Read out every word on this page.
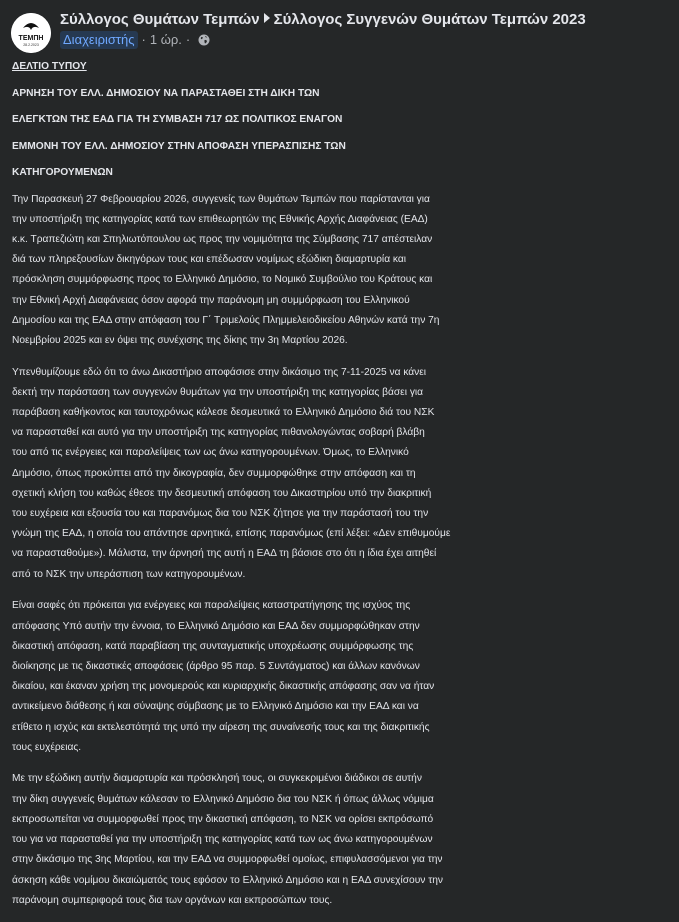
ΤΕΜΠΗ
28.2.2023
Σύλλογος Θυμάτων Τεμπών Σύλλογος Συγγενών Θυμάτων Τεμπών 2023
Διαχειριστής · 1 ώρ. ·

ΔΕΛΤΙΟ ΤΥΠΟΥ

ΑΡΝΗΣΗ ΤΟΥ ΕΛΛ. ΔΗΜΟΣΙΟΥ ΝΑ ΠΑΡΑΣΤΑΘΕΙ ΣΤΗ ΔΙΚΗ ΤΩΝ

ΕΛΕΓΚΤΩΝ ΤΗΣ ΕΑΔ ΓΙΑ ΤΗ ΣΥΜΒΑΣΗ 717 ΩΣ ΠΟΛΙΤΙΚΟΣ ΕΝΑΓΟΝ

ΕΜΜΟΝΗ ΤΟΥ ΕΛΛ. ΔΗΜΟΣΙΟΥ ΣΤΗΝ ΑΠΟΦΑΣΗ ΥΠΕΡΑΣΠΙΣΗΣ ΤΩΝ

ΚΑΤΗΓΟΡΟΥΜΕΝΩΝ

Την Παρασκευή 27 Φεβρουαρίου 2026, συγγενείς των θυμάτων Τεμπών που παρίστανται για
την υποστήριξη της κατηγορίας κατά των επιθεωρητών της Εθνικής Αρχής Διαφάνειας (ΕΑΔ)
κ.κ. Τραπεζιώτη και Σπηλιωτόπουλου ως προς την νομιμότητα της Σύμβασης 717 απέστειλαν
διά των πληρεξουσίων δικηγόρων τους και επέδωσαν νομίμως εξώδικη διαμαρτυρία και
πρόσκληση συμμόρφωσης προς το Ελληνικό Δημόσιο, το Νομικό Συμβούλιο του Κράτους και
την Εθνική Αρχή Διαφάνειας όσον αφορά την παράνομη μη συμμόρφωση του Ελληνικού
Δημοσίου και της ΕΑΔ στην απόφαση του Γ΄ Τριμελούς Πλημμελειοδικείου Αθηνών κατά την 7η
Νοεμβρίου 2025 και εν όψει της συνέχισης της δίκης την 3η Μαρτίου 2026.
Υπενθυμίζουμε εδώ ότι το άνω Δικαστήριο αποφάσισε στην δικάσιμο της 7-11-2025 να κάνει
δεκτή την παράσταση των συγγενών θυμάτων για την υποστήριξη της κατηγορίας βάσει για
παράβαση καθήκοντος και ταυτοχρόνως κάλεσε δεσμευτικά το Ελληνικό Δημόσιο διά του ΝΣΚ
να παρασταθεί και αυτό για την υποστήριξη της κατηγορίας πιθανολογώντας σοβαρή βλάβη
του από τις ενέργειες και παραλείψεις των ως άνω κατηγορουμένων. Όμως, το Ελληνικό
Δημόσιο, όπως προκύπτει από την δικογραφία, δεν συμμορφώθηκε στην απόφαση και τη
σχετική κλήση του καθώς έθεσε την δεσμευτική απόφαση του Δικαστηρίου υπό την διακριτική
του ευχέρεια και εξουσία του και παρανόμως δια του ΝΣΚ ζήτησε για την παράστασή του την
γνώμη της ΕΑΔ, η οποία του απάντησε αρνητικά, επίσης παρανόμως (επί λέξει: «Δεν επιθυμούμε
να παρασταθούμε»). Μάλιστα, την άρνησή της αυτή η ΕΑΔ τη βάσισε στο ότι η ίδια έχει αιτηθεί
από το ΝΣΚ την υπεράσπιση των κατηγορουμένων.
Είναι σαφές ότι πρόκειται για ενέργειες και παραλείψεις καταστρατήγησης της ισχύος της
απόφασης Υπό αυτήν την έννοια, το Ελληνικό Δημόσιο και ΕΑΔ δεν συμμορφώθηκαν στην
δικαστική απόφαση, κατά παραβίαση της συνταγματικής υποχρέωσης συμμόρφωσης της
διοίκησης με τις δικαστικές αποφάσεις (άρθρο 95 παρ. 5 Συντάγματος) και άλλων κανόνων
δικαίου, και έκαναν χρήση της μονομερούς και κυριαρχικής δικαστικής απόφασης σαν να ήταν
αντικείμενο διάθεσης ή και σύναψης σύμβασης με το Ελληνικό Δημόσιο και την ΕΑΔ και να
ετίθετο η ισχύς και εκτελεστότητά της υπό την αίρεση της συναίνεσής τους και της διακριτικής
τους ευχέρειας.
Με την εξώδικη αυτήν διαμαρτυρία και πρόσκλησή τους, οι συγκεκριμένοι διάδικοι σε αυτήν
την δίκη συγγενείς θυμάτων κάλεσαν το Ελληνικό Δημόσιο δια του ΝΣΚ ή όπως άλλως νόμιμα
εκπροσωπείται να συμμορφωθεί προς την δικαστική απόφαση, το ΝΣΚ να ορίσει εκπρόσωπό
του για να παρασταθεί για την υποστήριξη της κατηγορίας κατά των ως άνω κατηγορουμένων
στην δικάσιμο της 3ης Μαρτίου, και την ΕΑΔ να συμμορφωθεί ομοίως, επιφυλασσόμενοι για την
άσκηση κάθε νομίμου δικαιώματός τους εφόσον το Ελληνικό Δημόσιο και η ΕΑΔ συνεχίσουν την
παράνομη συμπεριφορά τους δια των οργάνων και εκπροσώπων τους.
